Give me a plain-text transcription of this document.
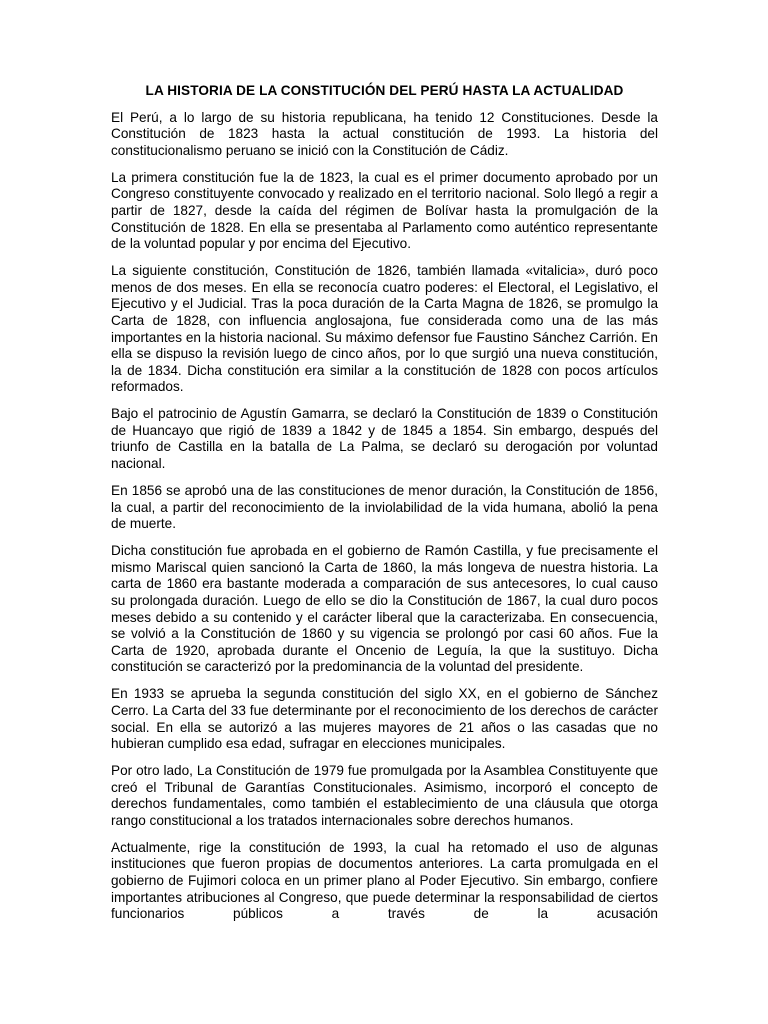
LA HISTORIA DE LA CONSTITUCIÓN DEL PERÚ HASTA LA ACTUALIDAD

El Perú, a lo largo de su historia republicana, ha tenido 12 Constituciones. Desde la Constitución de 1823 hasta la actual constitución de 1993. La historia del constitucionalismo peruano se inició con la Constitución de Cádiz.

La primera constitución fue la de 1823, la cual es el primer documento aprobado por un Congreso constituyente convocado y realizado en el territorio nacional. Solo llegó a regir a partir de 1827, desde la caída del régimen de Bolívar hasta la promulgación de la Constitución de 1828. En ella se presentaba al Parlamento como auténtico representante de la voluntad popular y por encima del Ejecutivo.

La siguiente constitución, Constitución de 1826, también llamada «vitalicia», duró poco menos de dos meses. En ella se reconocía cuatro poderes: el Electoral, el Legislativo, el Ejecutivo y el Judicial. Tras la poca duración de la Carta Magna de 1826, se promulgo la Carta de 1828, con influencia anglosajona, fue considerada como una de las más importantes en la historia nacional. Su máximo defensor fue Faustino Sánchez Carrión. En ella se dispuso la revisión luego de cinco años, por lo que surgió una nueva constitución, la de 1834. Dicha constitución era similar a la constitución de 1828 con pocos artículos reformados.

Bajo el patrocinio de Agustín Gamarra, se declaró la Constitución de 1839 o Constitución de Huancayo que rigió de 1839 a 1842 y de 1845 a 1854. Sin embargo, después del triunfo de Castilla en la batalla de La Palma, se declaró su derogación por voluntad nacional.

En 1856 se aprobó una de las constituciones de menor duración, la Constitución de 1856, la cual, a partir del reconocimiento de la inviolabilidad de la vida humana, abolió la pena de muerte.

Dicha constitución fue aprobada en el gobierno de Ramón Castilla, y fue precisamente el mismo Mariscal quien sancionó la Carta de 1860, la más longeva de nuestra historia. La carta de 1860 era bastante moderada a comparación de sus antecesores, lo cual causo su prolongada duración. Luego de ello se dio la Constitución de 1867, la cual duro pocos meses debido a su contenido y el carácter liberal que la caracterizaba. En consecuencia, se volvió a la Constitución de 1860 y su vigencia se prolongó por casi 60 años. Fue la Carta de 1920, aprobada durante el Oncenio de Leguía, la que la sustituyo. Dicha constitución se caracterizó por la predominancia de la voluntad del presidente.

En 1933 se aprueba la segunda constitución del siglo XX, en el gobierno de Sánchez Cerro. La Carta del 33 fue determinante por el reconocimiento de los derechos de carácter social. En ella se autorizó a las mujeres mayores de 21 años o las casadas que no hubieran cumplido esa edad, sufragar en elecciones municipales.

Por otro lado, La Constitución de 1979 fue promulgada por la Asamblea Constituyente que creó el Tribunal de Garantías Constitucionales. Asimismo, incorporó el concepto de derechos fundamentales, como también el establecimiento de una cláusula que otorga rango constitucional a los tratados internacionales sobre derechos humanos.

Actualmente, rige la constitución de 1993, la cual ha retomado el uso de algunas instituciones que fueron propias de documentos anteriores. La carta promulgada en el gobierno de Fujimori coloca en un primer plano al Poder Ejecutivo. Sin embargo, confiere importantes atribuciones al Congreso, que puede determinar la responsabilidad de ciertos funcionarios públicos a través de la acusación
